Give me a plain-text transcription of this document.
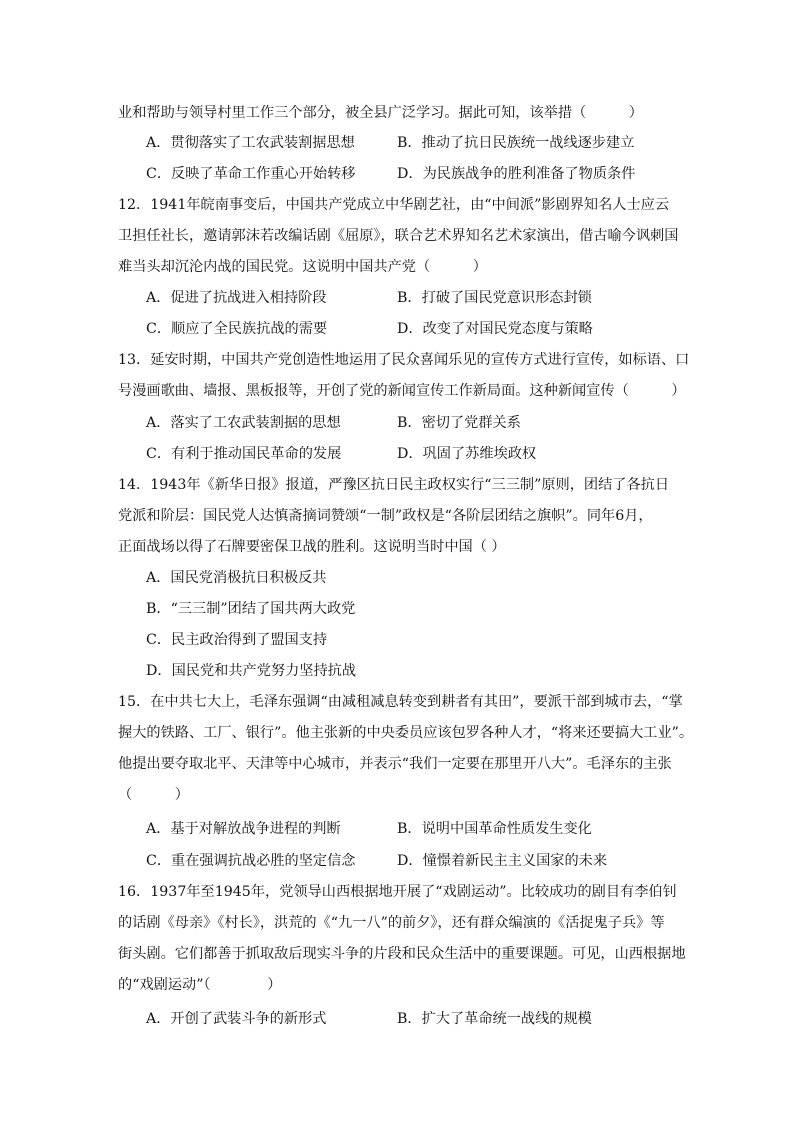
业和帮助与领导村里工作三个部分，被全县广泛学习。据此可知，该举措（　　　）
A．贯彻落实了工农武装割据思想	B．推动了抗日民族统一战线逐步建立
C．反映了革命工作重心开始转移	D．为民族战争的胜利准备了物质条件
12．1941年皖南事变后，中国共产党成立中华剧艺社，由“中间派”影剧界知名人士应云
卫担任社长，邀请郭沫若改编话剧《屈原》，联合艺术界知名艺术家演出，借古喻今讽刺国
难当头却沉沦内战的国民党。这说明中国共产党（　　　）
A．促进了抗战进入相持阶段	B．打破了国民党意识形态封锁
C．顺应了全民族抗战的需要	D．改变了对国民党态度与策略
13．延安时期，中国共产党创造性地运用了民众喜闻乐见的宣传方式进行宣传，如标语、口
号漫画歌曲、墙报、黑板报等，开创了党的新闻宣传工作新局面。这种新闻宣传（　　　）
A．落实了工农武装割据的思想	B．密切了党群关系
C．有利于推动国民革命的发展	D．巩固了苏维埃政权
14．1943年《新华日报》报道，严豫区抗日民主政权实行“三三制”原则，团结了各抗日
党派和阶层：国民党人达慎斋摘词赞颂“一制”政权是“各阶层团结之旗帜”。同年6月，
正面战场以得了石牌要密保卫战的胜利。这说明当时中国（ ）
A．国民党消极抗日积极反共
B．“三三制”团结了国共两大政党
C．民主政治得到了盟国支持
D．国民党和共产党努力坚持抗战
15．在中共七大上，毛泽东强调“由减租减息转变到耕者有其田”，要派干部到城市去，“掌
握大的铁路、工厂、银行”。他主张新的中央委员应该包罗各种人才，“将来还要搞大工业”。
他提出要夺取北平、天津等中心城市，并表示“我们一定要在那里开八大”。毛泽东的主张
（　　　）
A．基于对解放战争进程的判断	B．说明中国革命性质发生变化
C．重在强调抗战必胜的坚定信念	D．憧憬着新民主主义国家的未来
16．1937年至1945年，党领导山西根据地开展了“戏剧运动”。比较成功的剧目有李伯钊
的话剧《母亲》《村长》，洪荒的《“九一八”的前夕》，还有群众编演的《活捉鬼子兵》等
街头剧。它们都善于抓取敌后现实斗争的片段和民众生活中的重要课题。可见，山西根据地
的“戏剧运动”（　　　　）
A．开创了武装斗争的新形式	B．扩大了革命统一战线的规模
